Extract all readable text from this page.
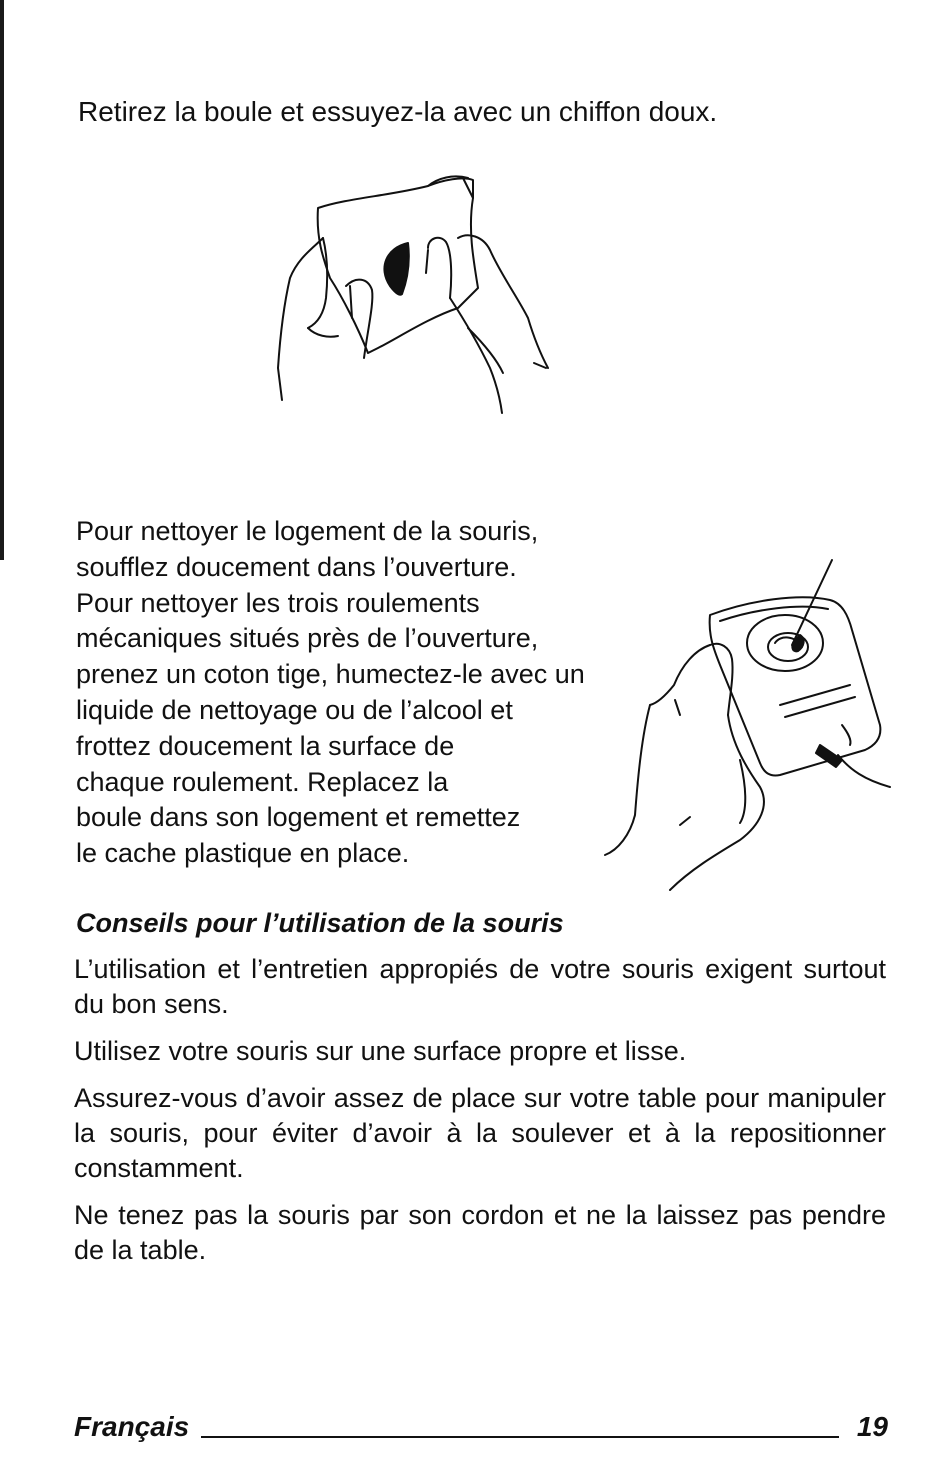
Retirez la boule et essuyez-la avec un chiffon doux.

Pour nettoyer le logement de la souris,
soufflez doucement dans l’ouverture.
Pour nettoyer les trois roulements
mécaniques situés près de l’ouverture,
prenez un coton tige, humectez-le avec un
liquide de nettoyage ou de l’alcool et
frottez doucement la surface de
chaque roulement. Replacez la
boule dans son logement et remettez
le cache plastique en place.

Conseils pour l’utilisation de la souris

L’utilisation et l’entretien appropiés de votre souris exigent surtout du bon sens.

Utilisez votre souris sur une surface propre et lisse.

Assurez-vous d’avoir assez de place sur votre table pour manipuler la souris, pour éviter d’avoir à la soulever et à la repositionner constamment.

Ne tenez pas la souris par son cordon et ne la laissez pas pendre de la table.

Français	19
